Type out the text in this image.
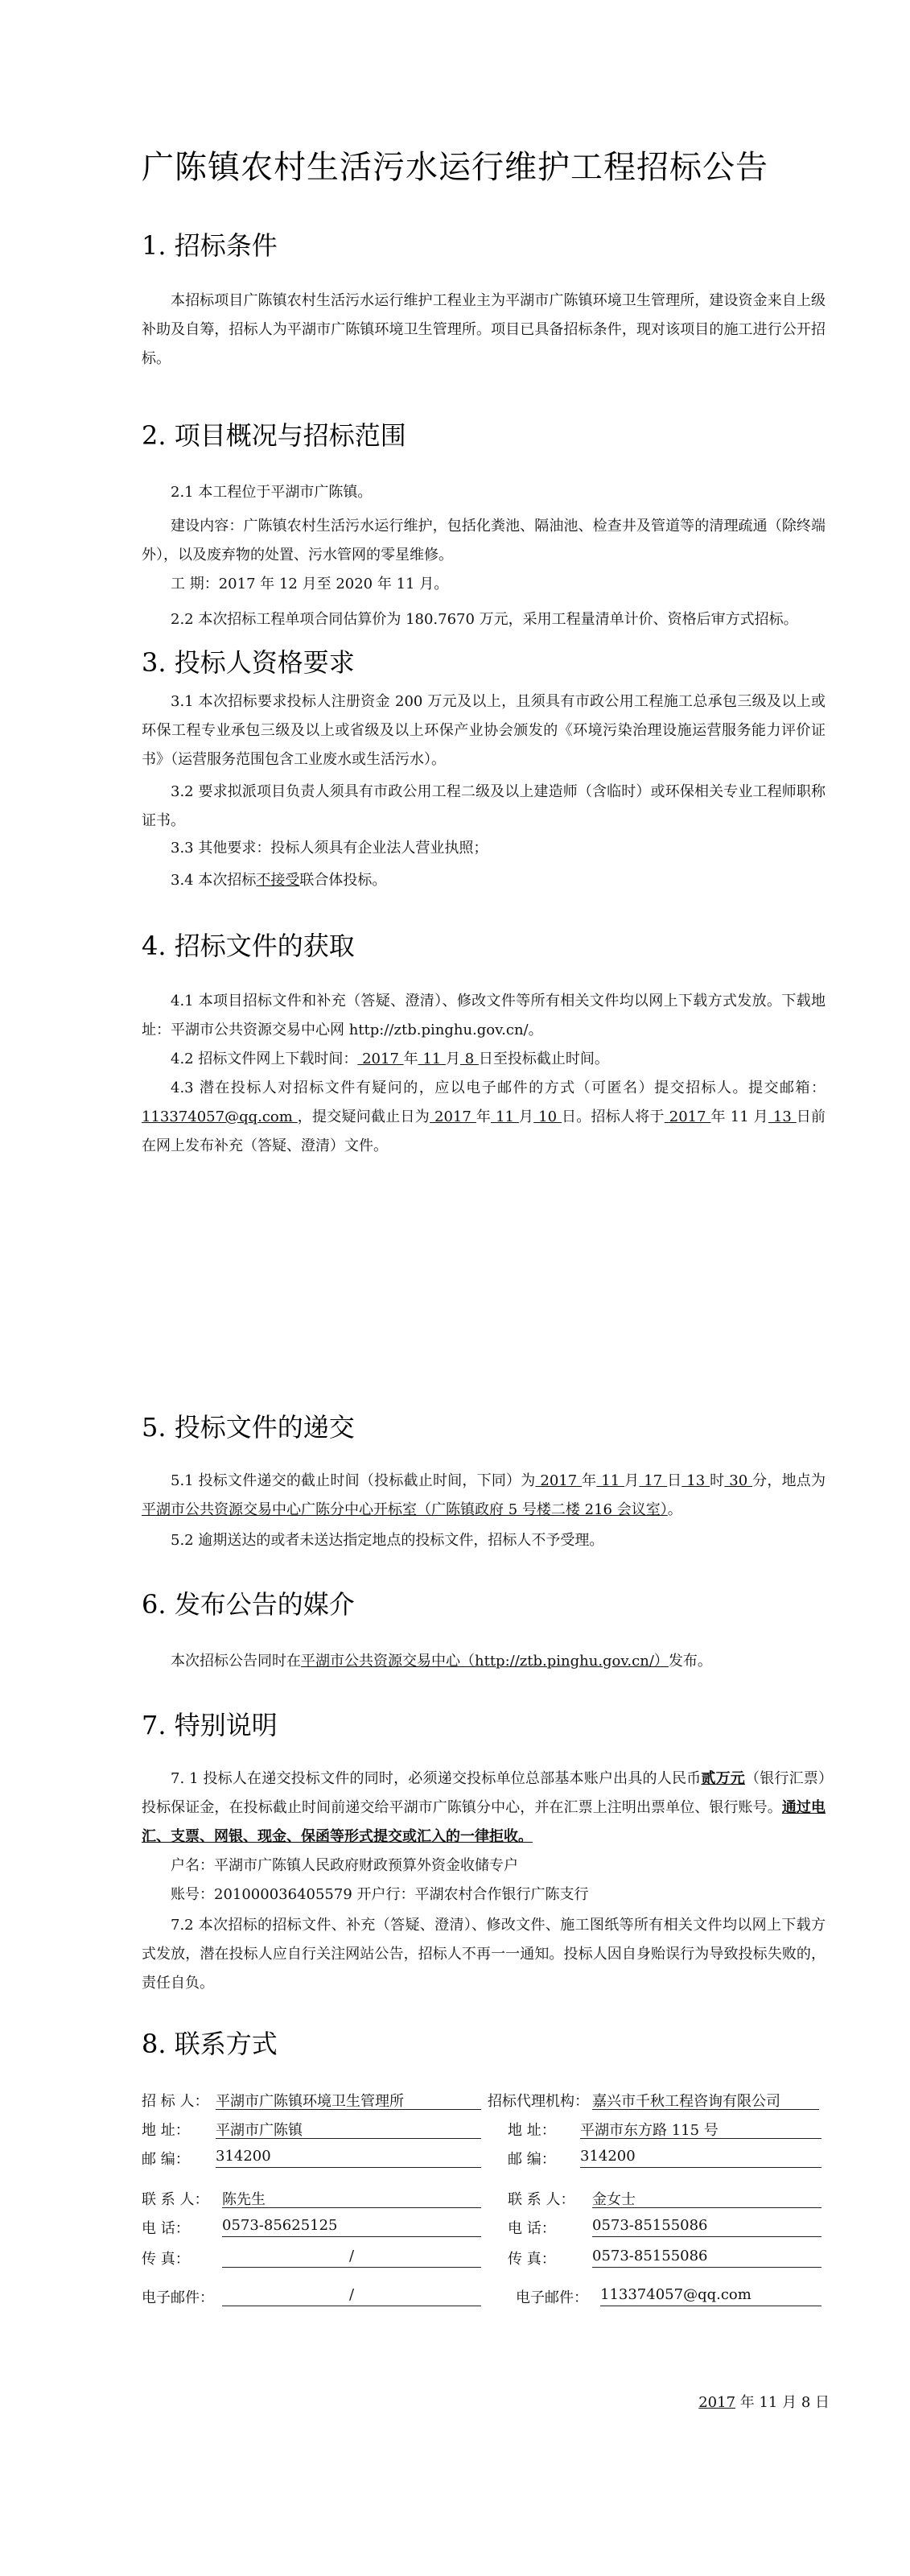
广陈镇农村生活污水运行维护工程招标公告
1. 招标条件

本招标项目广陈镇农村生活污水运行维护工程业主为平湖市广陈镇环境卫生管理所，建设资金来自上级补助及自筹，招标人为平湖市广陈镇环境卫生管理所。项目已具备招标条件，现对该项目的施工进行公开招标。

2. 项目概况与招标范围

2.1 本工程位于平湖市广陈镇。

建设内容：广陈镇农村生活污水运行维护，包括化粪池、隔油池、检查井及管道等的清理疏通（除终端外），以及废弃物的处置、污水管网的零星维修。

工 期：2017 年 12 月至 2020 年 11 月。

2.2 本次招标工程单项合同估算价为 180.7670 万元，采用工程量清单计价、资格后审方式招标。

3. 投标人资格要求

3.1 本次招标要求投标人注册资金 200 万元及以上，且须具有市政公用工程施工总承包三级及以上或环保工程专业承包三级及以上或省级及以上环保产业协会颁发的《环境污染治理设施运营服务能力评价证书》（运营服务范围包含工业废水或生活污水）。

3.2 要求拟派项目负责人须具有市政公用工程二级及以上建造师（含临时）或环保相关专业工程师职称证书。

3.3 其他要求：投标人须具有企业法人营业执照；

3.4 本次招标不接受联合体投标。

4. 招标文件的获取

4.1 本项目招标文件和补充（答疑、澄清）、修改文件等所有相关文件均以网上下载方式发放。下载地址：平湖市公共资源交易中心网 http://ztb.pinghu.gov.cn/。

4.2 招标文件网上下载时间： 2017 年 11 月 8 日至投标截止时间。

4.3 潜在投标人对招标文件有疑问的，应以电子邮件的方式（可匿名）提交招标人。提交邮箱：113374057@qq.com ，提交疑问截止日为 2017 年 11 月 10 日。招标人将于 2017 年 11 月 13 日前在网上发布补充（答疑、澄清）文件。

5. 投标文件的递交

5.1 投标文件递交的截止时间（投标截止时间，下同）为 2017 年 11 月 17 日 13 时 30 分，地点为平湖市公共资源交易中心广陈分中心开标室（广陈镇政府 5 号楼二楼 216 会议室）。

5.2 逾期送达的或者未送达指定地点的投标文件，招标人不予受理。

6. 发布公告的媒介

本次招标公告同时在平湖市公共资源交易中心（http://ztb.pinghu.gov.cn/）发布。

7. 特别说明

7. 1 投标人在递交投标文件的同时，必须递交投标单位总部基本账户出具的人民币贰万元（银行汇票）投标保证金，在投标截止时间前递交给平湖市广陈镇分中心，并在汇票上注明出票单位、银行账号。通过电汇、支票、网银、现金、保函等形式提交或汇入的一律拒收。

户名：平湖市广陈镇人民政府财政预算外资金收储专户

账号：201000036405579 开户行：平湖农村合作银行广陈支行

7.2 本次招标的招标文件、补充（答疑、澄清）、修改文件、施工图纸等所有相关文件均以网上下载方式发放，潜在投标人应自行关注网站公告，招标人不再一一通知。投标人因自身贻误行为导致投标失败的，责任自负。

8. 联系方式
招 标 人： 平湖市广陈镇环境卫生管理所	招标代理机构： 嘉兴市千秋工程咨询有限公司
地 址： 平湖市广陈镇	地 址： 平湖市东方路 115 号
邮 编： 314200	邮 编： 314200
联 系 人： 陈先生	联 系 人： 金女士
电 话： 0573-85625125	电 话：	0573-85155086
传 真：	/	传 真：	0573-85155086
电子邮件：	/	电子邮件： 113374057@qq.com
2017 年 11 月 8 日
